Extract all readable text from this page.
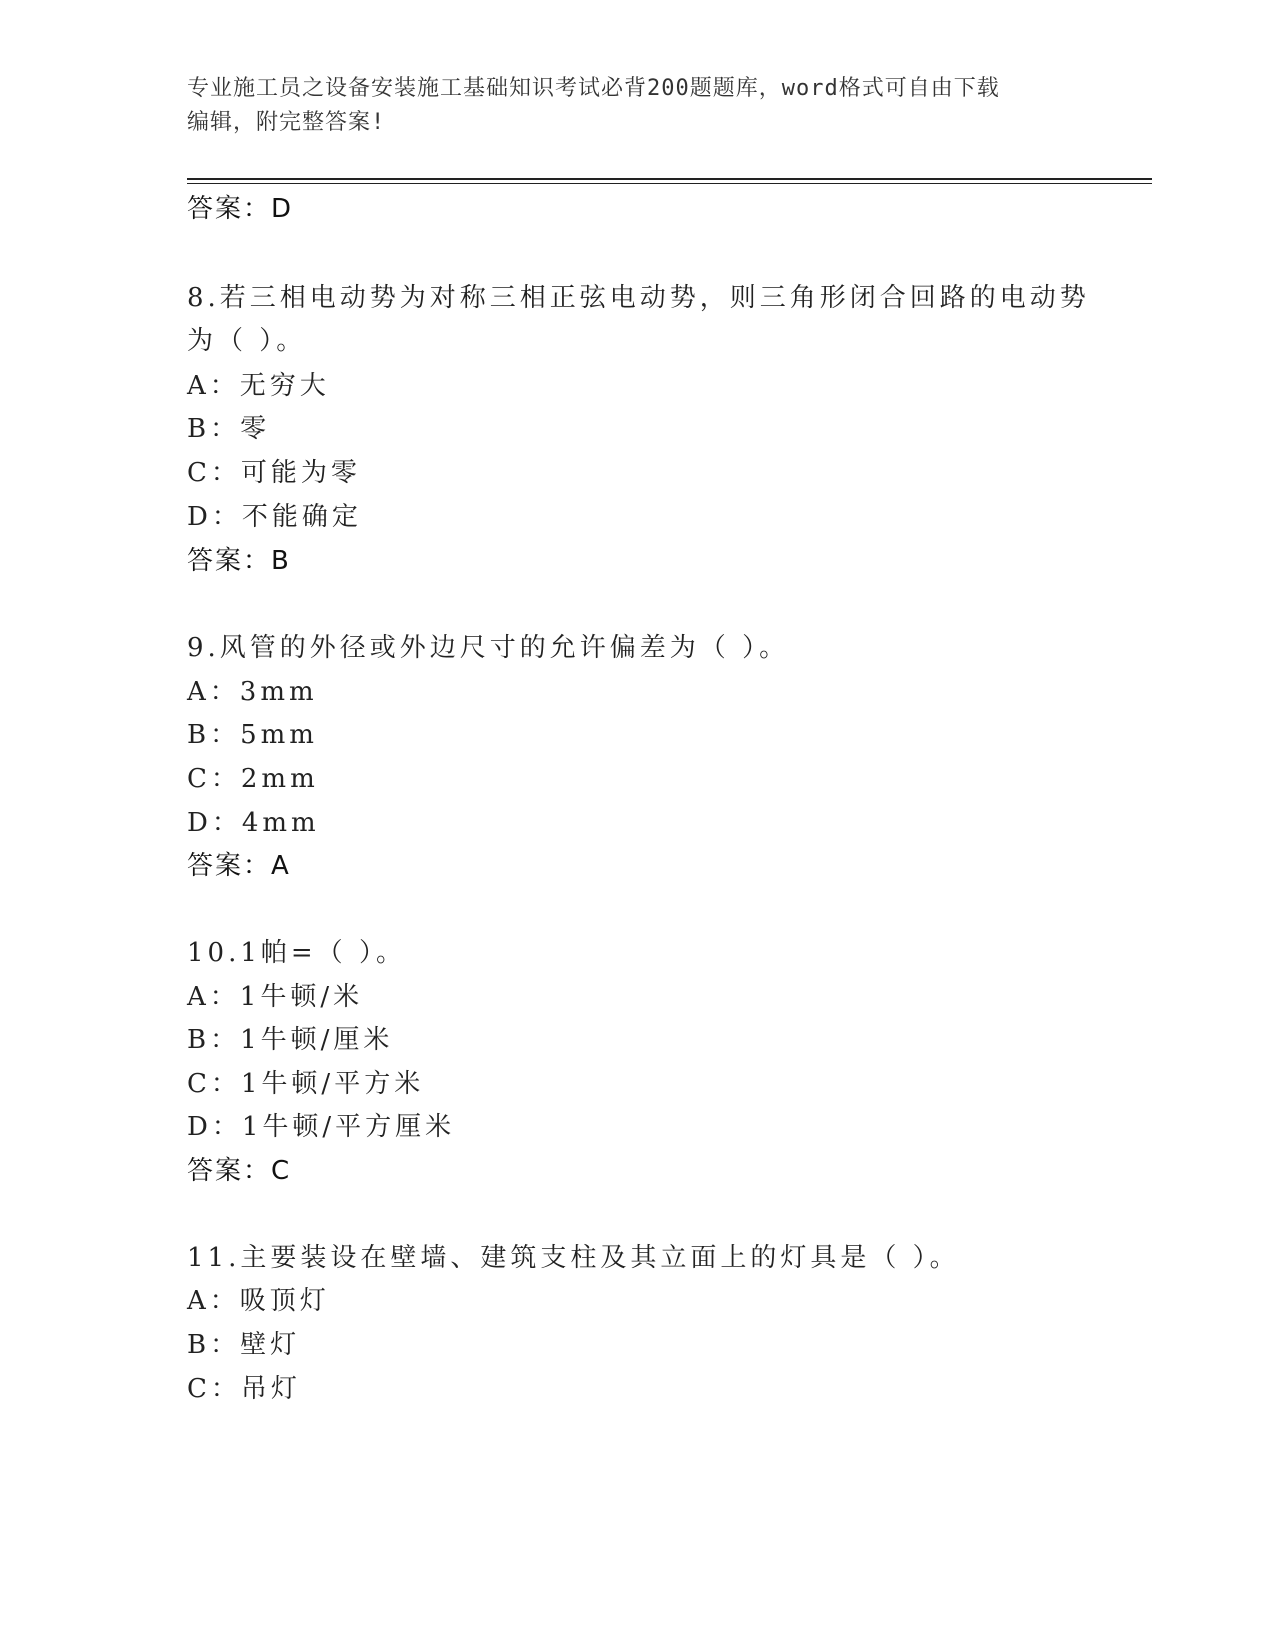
专业施工员之设备安装施工基础知识考试必背200题题库，word格式可自由下载
编辑，附完整答案!
答案：D
8.若三相电动势为对称三相正弦电动势，则三角形闭合回路的电动势
为（ ）。
A：无穷大
B：零
C：可能为零
D：不能确定
答案：B
9.风管的外径或外边尺寸的允许偏差为（ ）。
A：3mm
B：5mm
C：2mm
D：4mm
答案：A
10.1帕=（ ）。
A：1牛顿/米
B：1牛顿/厘米
C：1牛顿/平方米
D：1牛顿/平方厘米
答案：C
11.主要装设在壁墙、建筑支柱及其立面上的灯具是（ ）。
A：吸顶灯
B：壁灯
C：吊灯
